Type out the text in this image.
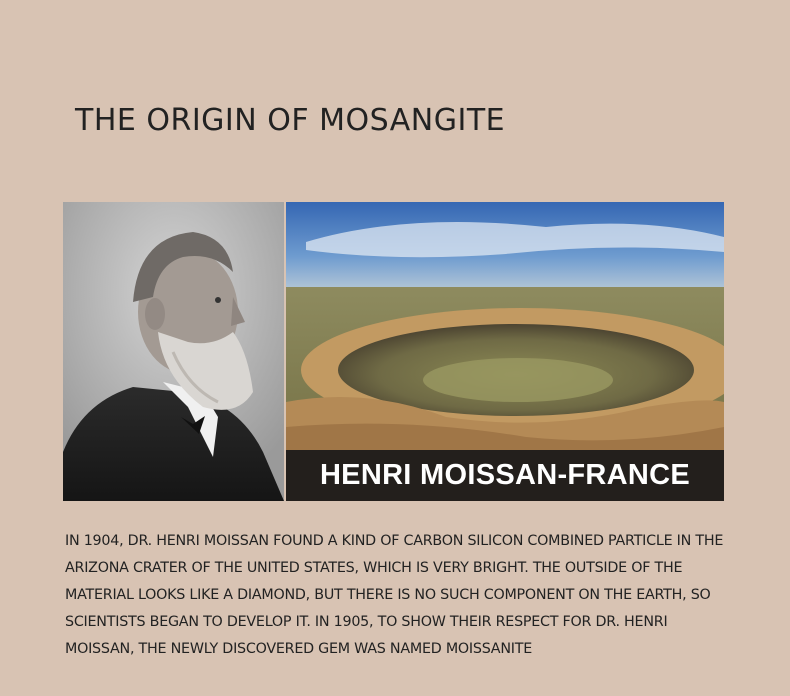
THE ORIGIN OF MOSANGITE
HENRI MOISSAN-FRANCE
IN 1904, DR. HENRI MOISSAN FOUND A KIND OF CARBON SILICON COMBINED PARTICLE IN THE ARIZONA CRATER OF THE UNITED STATES, WHICH IS VERY BRIGHT. THE OUTSIDE OF THE MATERIAL LOOKS LIKE A DIAMOND, BUT THERE IS NO SUCH COMPONENT ON THE EARTH, SO SCIENTISTS BEGAN TO DEVELOP IT. IN 1905, TO SHOW THEIR RESPECT FOR DR. HENRI MOISSAN, THE NEWLY DISCOVERED GEM WAS NAMED MOISSANITE
